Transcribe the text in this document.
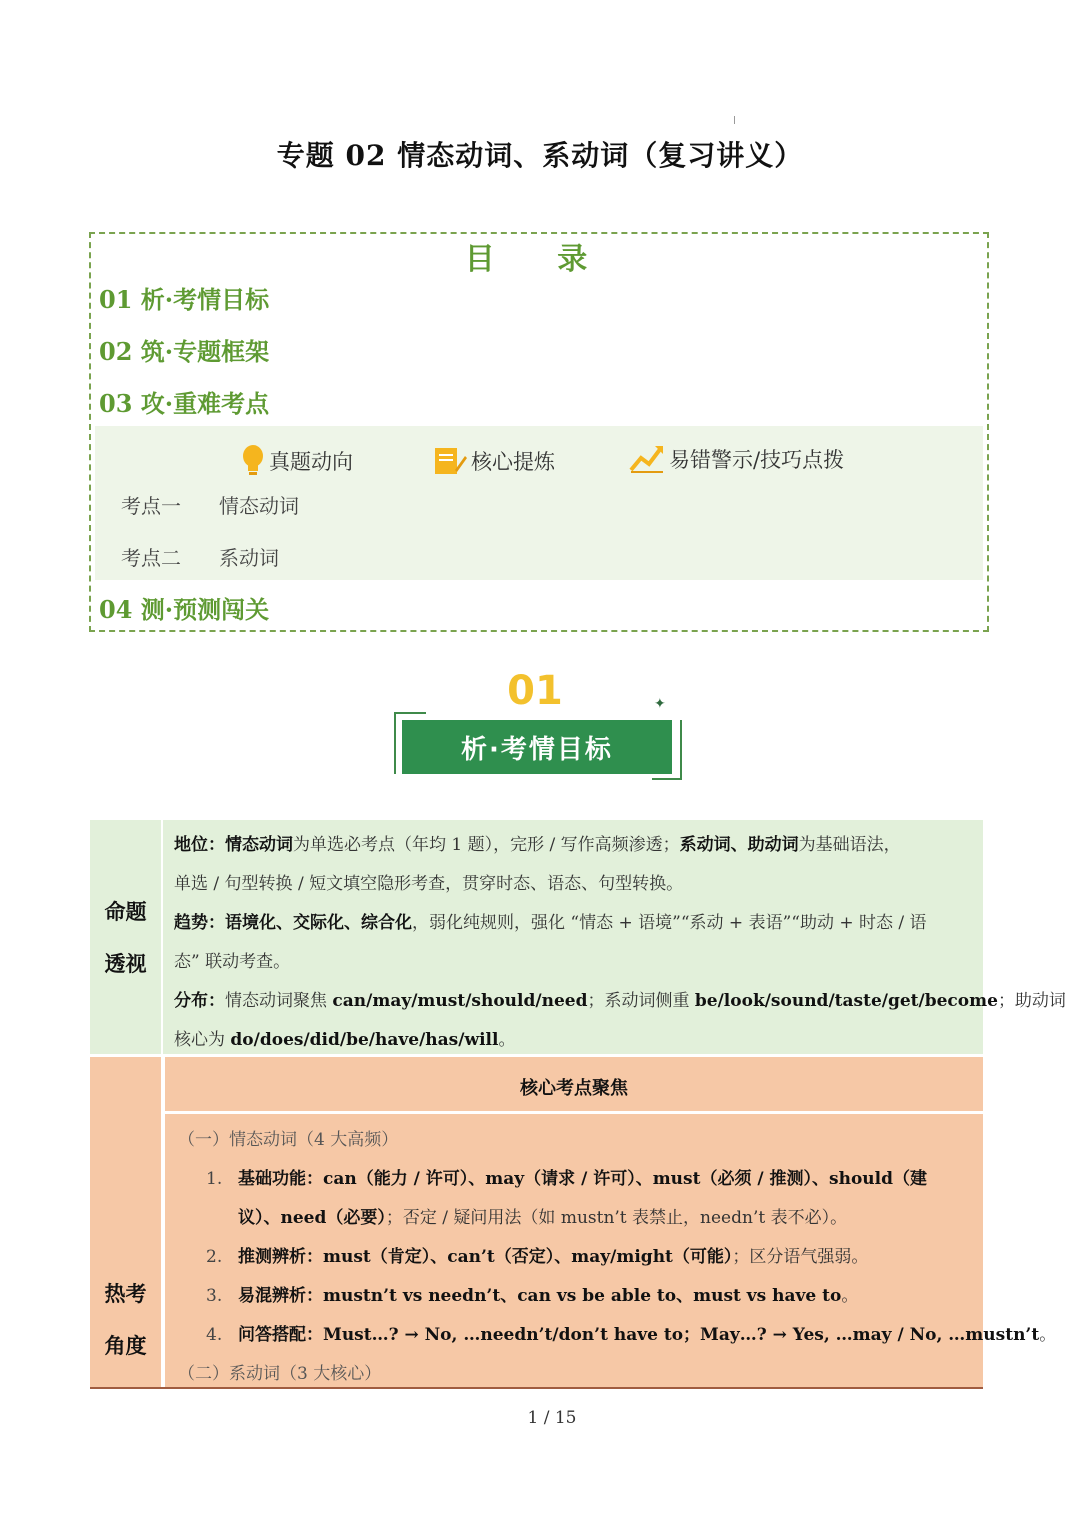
专题 02 情态动词、系动词（复习讲义）
目 录
01 析·考情目标
02 筑·专题框架
03 攻·重难考点
真题动向	核心提炼	易错警示/技巧点拨
考点一 情态动词
考点二 系动词
04 测·预测闯关
01	✦
析·考情目标
命题
透视
地位：情态动词为单选必考点（年均 1 题），完形 / 写作高频渗透；系动词、助动词为基础语法，
单选 / 句型转换 / 短文填空隐形考查，贯穿时态、语态、句型转换。
趋势：语境化、交际化、综合化，弱化纯规则，强化 “情态 + 语境”“系动 + 表语”“助动 + 时态 / 语
态” 联动考查。
分布：情态动词聚焦 can/may/must/should/need；系动词侧重 be/look/sound/taste/get/become；助动词
核心为 do/does/did/be/have/has/will。
核心考点聚焦
热考
角度
（一）情态动词（4 大高频）
1. 基础功能：can（能力 / 许可）、may（请求 / 许可）、must（必须 / 推测）、should（建
议）、need（必要）；否定 / 疑问用法（如 mustn’t 表禁止，needn’t 表不必）。
2. 推测辨析：must（肯定）、can’t（否定）、may/might（可能）；区分语气强弱。
3. 易混辨析：mustn’t vs needn’t、can vs be able to、must vs have to。
4. 问答搭配：Must…? → No, …needn’t/don’t have to；May…? → Yes, …may / No, …mustn’t。
（二）系动词（3 大核心）
1 / 15
